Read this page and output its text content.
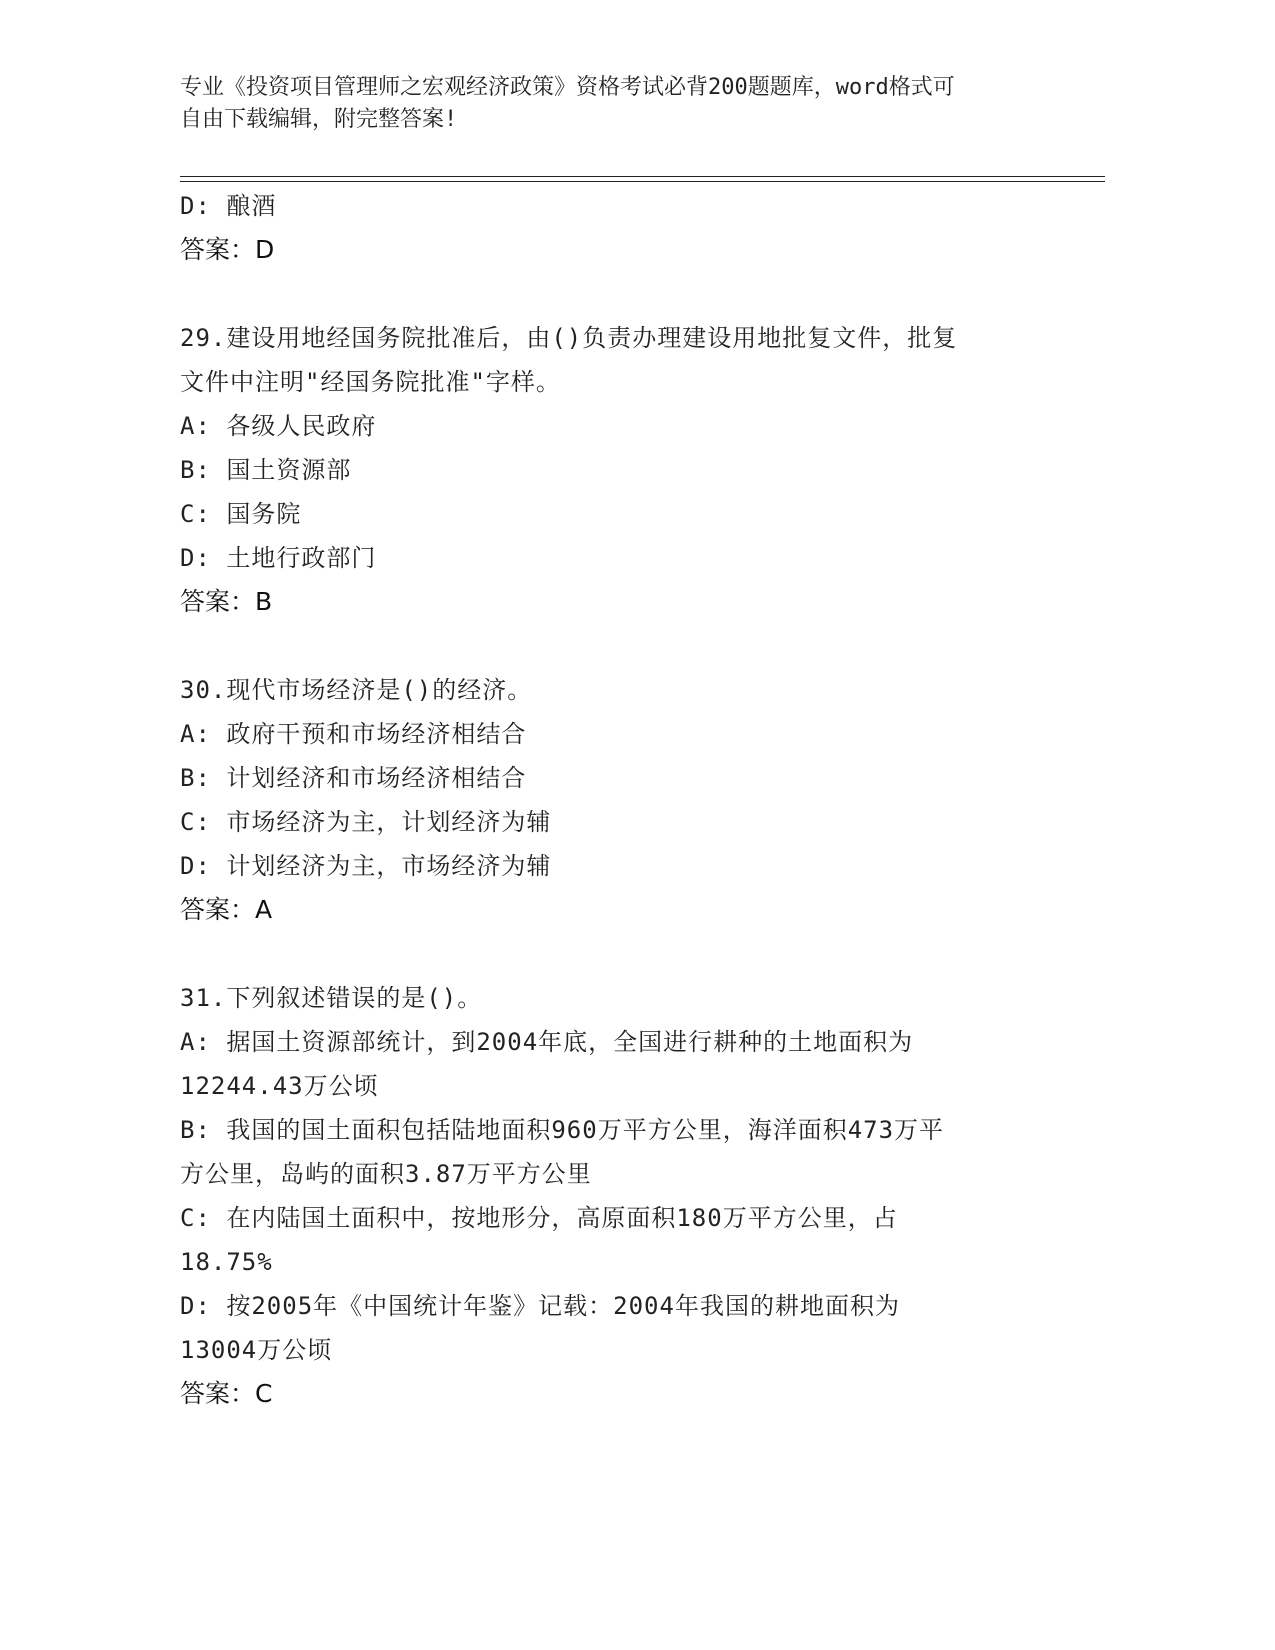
专业《投资项目管理师之宏观经济政策》资格考试必背200题题库，word格式可
自由下载编辑，附完整答案!
D: 酿酒
答案：D
29.建设用地经国务院批准后，由()负责办理建设用地批复文件，批复
文件中注明"经国务院批准"字样。
A: 各级人民政府
B: 国土资源部
C: 国务院
D: 土地行政部门
答案：B
30.现代市场经济是()的经济。
A: 政府干预和市场经济相结合
B: 计划经济和市场经济相结合
C: 市场经济为主，计划经济为辅
D: 计划经济为主，市场经济为辅
答案：A
31.下列叙述错误的是()。
A: 据国土资源部统计，到2004年底，全国进行耕种的土地面积为
12244.43万公顷
B: 我国的国土面积包括陆地面积960万平方公里，海洋面积473万平
方公里，岛屿的面积3.87万平方公里
C: 在内陆国土面积中，按地形分，高原面积180万平方公里，占
18.75%
D: 按2005年《中国统计年鉴》记载：2004年我国的耕地面积为
13004万公顷
答案：C
